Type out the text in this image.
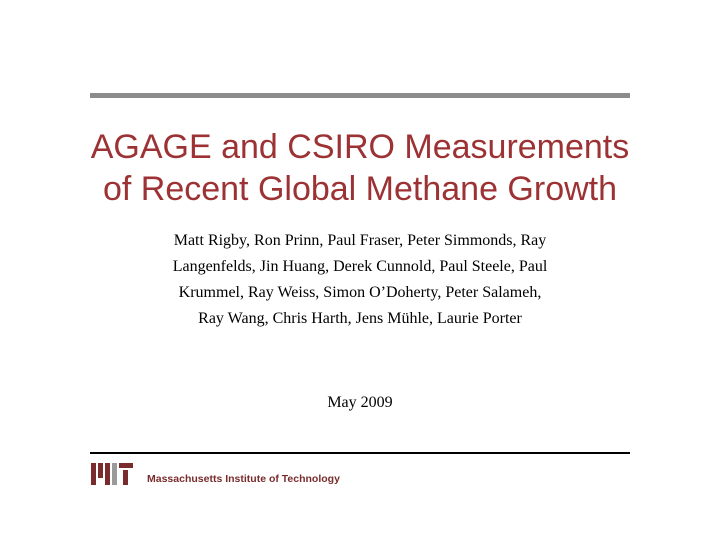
AGAGE and CSIRO Measurements
of Recent Global Methane Growth
Matt Rigby, Ron Prinn, Paul Fraser, Peter Simmonds, Ray
Langenfelds, Jin Huang, Derek Cunnold, Paul Steele, Paul
Krummel, Ray Weiss, Simon O’Doherty, Peter Salameh,
Ray Wang, Chris Harth, Jens Mühle, Laurie Porter
May 2009
Massachusetts Institute of Technology
